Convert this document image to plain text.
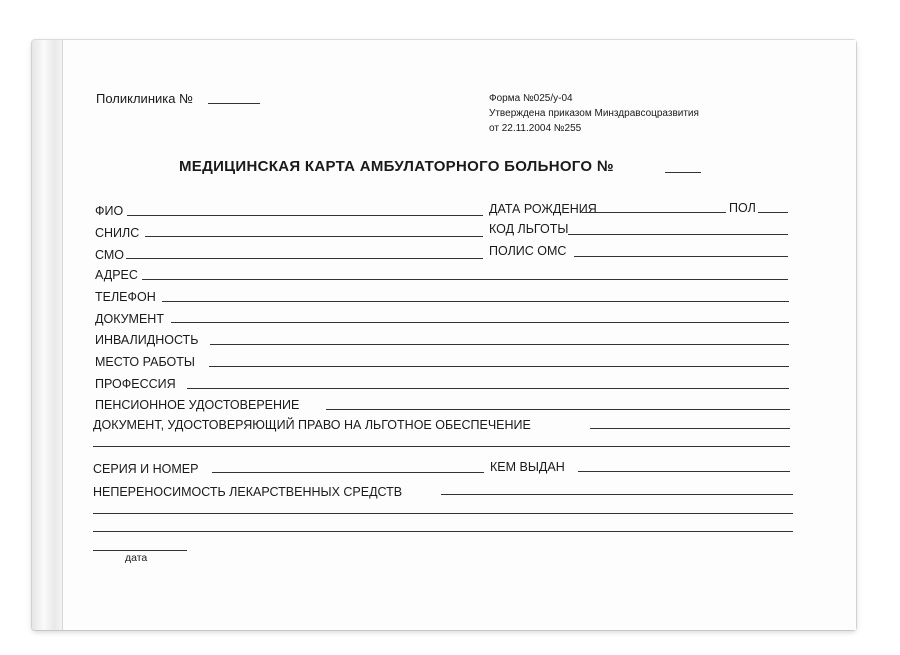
Поликлиника №	Форма №025/у-04
Утверждена приказом Минздравсоцразвития
от 22.11.2004 №255
МЕДИЦИНСКАЯ КАРТА АМБУЛАТОРНОГО БОЛЬНОГО №
ФИО	ДАТА РОЖДЕНИЯ	ПОЛ
СНИЛС	КОД ЛЬГОТЫ
СМО	ПОЛИС ОМС
АДРЕС
ТЕЛЕФОН
ДОКУМЕНТ
ИНВАЛИДНОСТЬ
МЕСТО РАБОТЫ
ПРОФЕССИЯ
ПЕНСИОННОЕ УДОСТОВЕРЕНИЕ
ДОКУМЕНТ, УДОСТОВЕРЯЮЩИЙ ПРАВО НА ЛЬГОТНОЕ ОБЕСПЕЧЕНИЕ
СЕРИЯ И НОМЕР	КЕМ ВЫДАН
НЕПЕРЕНОСИМОСТЬ ЛЕКАРСТВЕННЫХ СРЕДСТВ
дата
